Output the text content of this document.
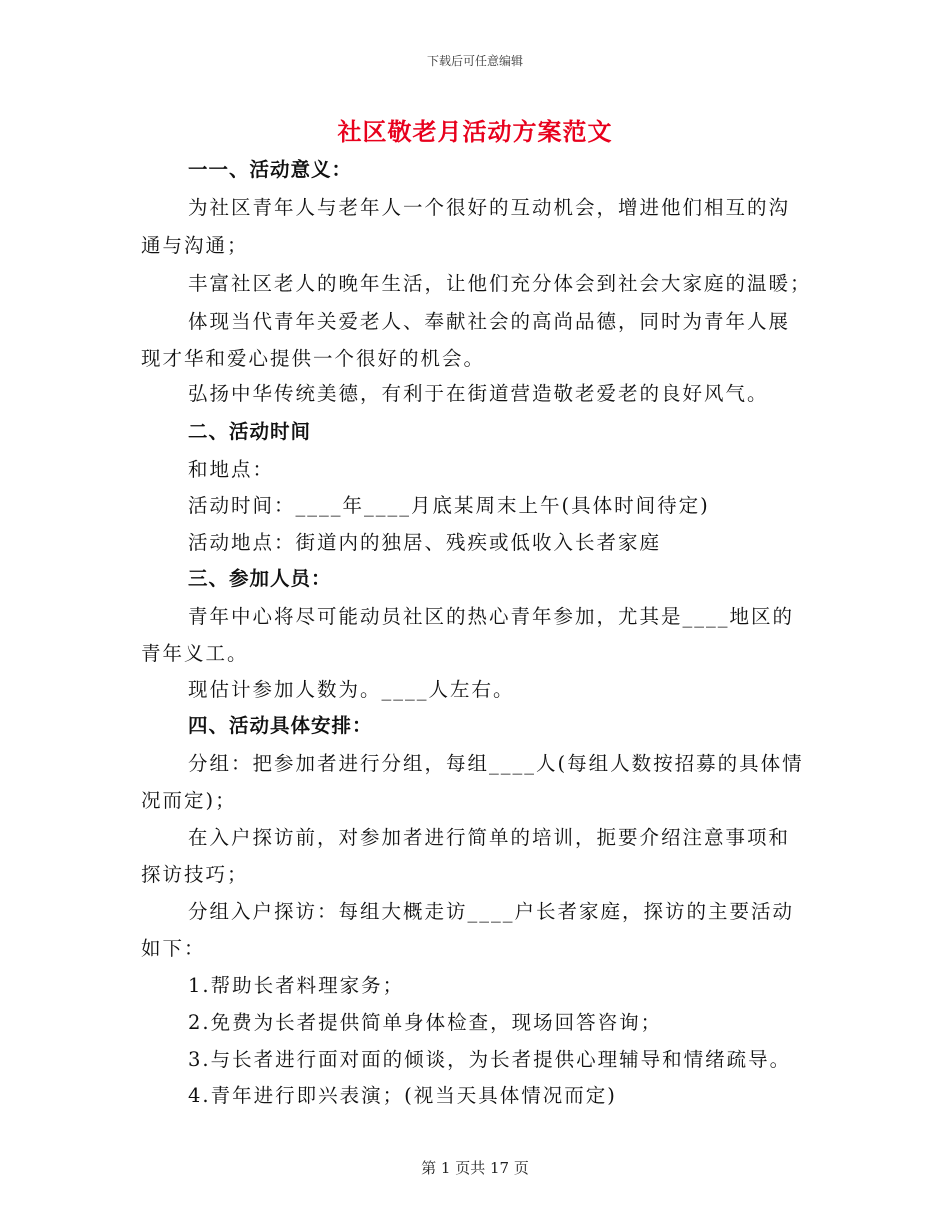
下载后可任意编辑
社区敬老月活动方案范文
一一、活动意义：
为社区青年人与老年人一个很好的互动机会，增进他们相互的沟
通与沟通；
丰富社区老人的晚年生活，让他们充分体会到社会大家庭的温暖；
体现当代青年关爱老人、奉献社会的高尚品德，同时为青年人展
现才华和爱心提供一个很好的机会。
弘扬中华传统美德，有利于在街道营造敬老爱老的良好风气。
二、活动时间
和地点：
活动时间：____年____月底某周末上午(具体时间待定)
活动地点：街道内的独居、残疾或低收入长者家庭
三、参加人员：
青年中心将尽可能动员社区的热心青年参加，尤其是____地区的
青年义工。
现估计参加人数为。____人左右。
四、活动具体安排：
分组：把参加者进行分组，每组____人(每组人数按招募的具体情
况而定)；
在入户探访前，对参加者进行简单的培训，扼要介绍注意事项和
探访技巧；
分组入户探访：每组大概走访____户长者家庭，探访的主要活动
如下：
1.帮助长者料理家务；
2.免费为长者提供简单身体检查，现场回答咨询；
3.与长者进行面对面的倾谈，为长者提供心理辅导和情绪疏导。
4.青年进行即兴表演；(视当天具体情况而定)
第 1 页共 17 页
